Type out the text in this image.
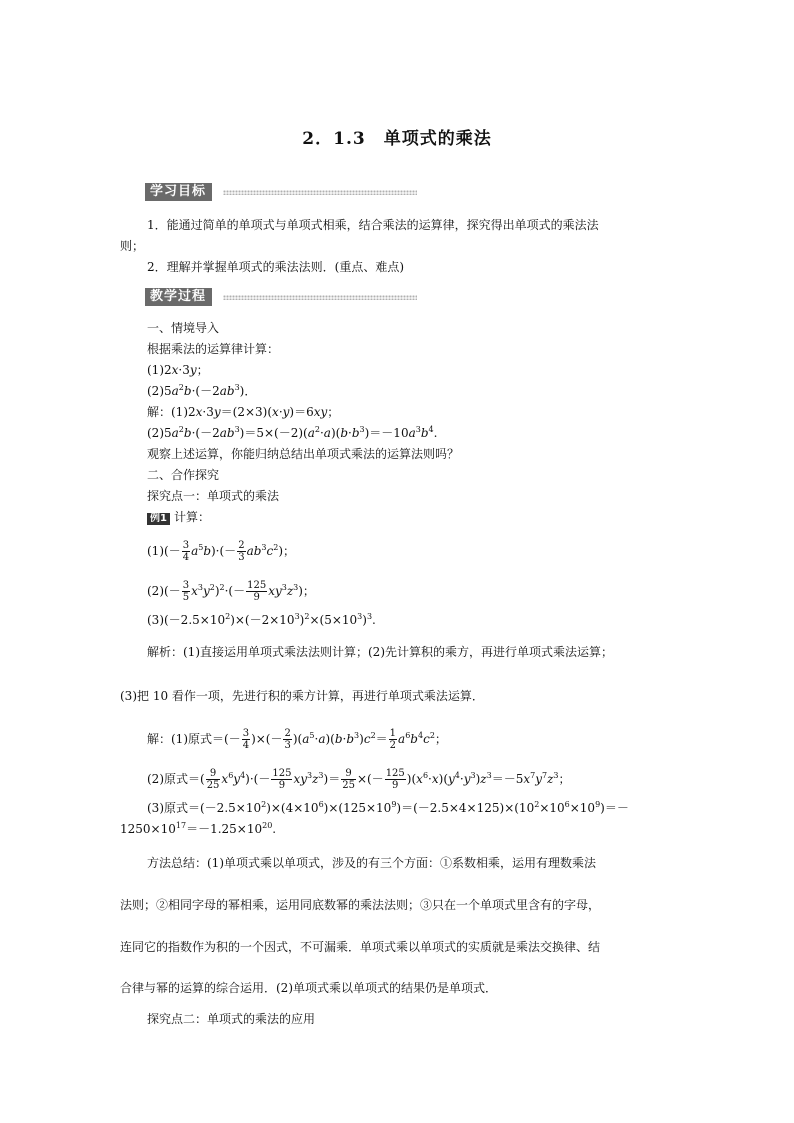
2．1.3　单项式的乘法
学习目标
1．能通过简单的单项式与单项式相乘，结合乘法的运算律，探究得出单项式的乘法法
则；
2．理解并掌握单项式的乘法法则．(重点、难点)
教学过程
一、情境导入
根据乘法的运算律计算：
(1)2x·3y；
$(2)5a^2b\cdot(-2ab^3)$．
解：(1)2x·3y＝(2×3)(x·y)＝6xy；
$(2)5a^2b\cdot(-2ab^3)=5\times(-2)(a^2\cdot a)(b\cdot b^3)=-10a^3b^4$.
观察上述运算，你能归纳总结出单项式乘法的运算法则吗？
二、合作探究
探究点一：单项式的乘法
例1 计算：
$(1)(- \frac{3}{4} a^5b)\cdot(- \frac{2}{3} ab^3c^2)$；
$(2)(- \frac{3}{5} x^3y^2)^2\cdot(- \frac{125}{9} xy^3z^3)$；
$(3)(-2.5\times 10^2)\times(-2\times 10^3)^2\times(5\times 10^3)^3$.
解析：(1)直接运用单项式乘法法则计算；(2)先计算积的乘方，再进行单项式乘法运算；
(3)把 10 看作一项，先进行积的乘方计算，再进行单项式乘法运算．
解：(1)原式＝(－ $\frac{3}{4}$ )×(－ $\frac{2}{3} )(a^5\cdot a)(b\cdot b^3)c^2= \frac{1}{2} a^6b^4c^2$；
(2)原式＝( $\frac{9}{25} x^6y^4)\cdot(- \frac{125}{9} xy^3z^3)= \frac{9}{25}$ ×(－ $\frac{125}{9} )(x^6\cdot x)(y^4\cdot y^3)z^3=-5x^7y^7z^3$；
(3)原式$=(-2.5\times 10^2)\times(4\times 10^6)\times(125\times 10^9)=(-2.5\times 4\times 125)\times(10^2\times 10^6\times 10^9)=-$
$1250\times 10^{17}=-1.25\times 10^{20}$.
方法总结：(1)单项式乘以单项式，涉及的有三个方面：①系数相乘，运用有理数乘法
法则；②相同字母的幂相乘，运用同底数幂的乘法法则；③只在一个单项式里含有的字母，
连同它的指数作为积的一个因式，不可漏乘．单项式乘以单项式的实质就是乘法交换律、结
合律与幂的运算的综合运用．(2)单项式乘以单项式的结果仍是单项式．
探究点二：单项式的乘法的应用
